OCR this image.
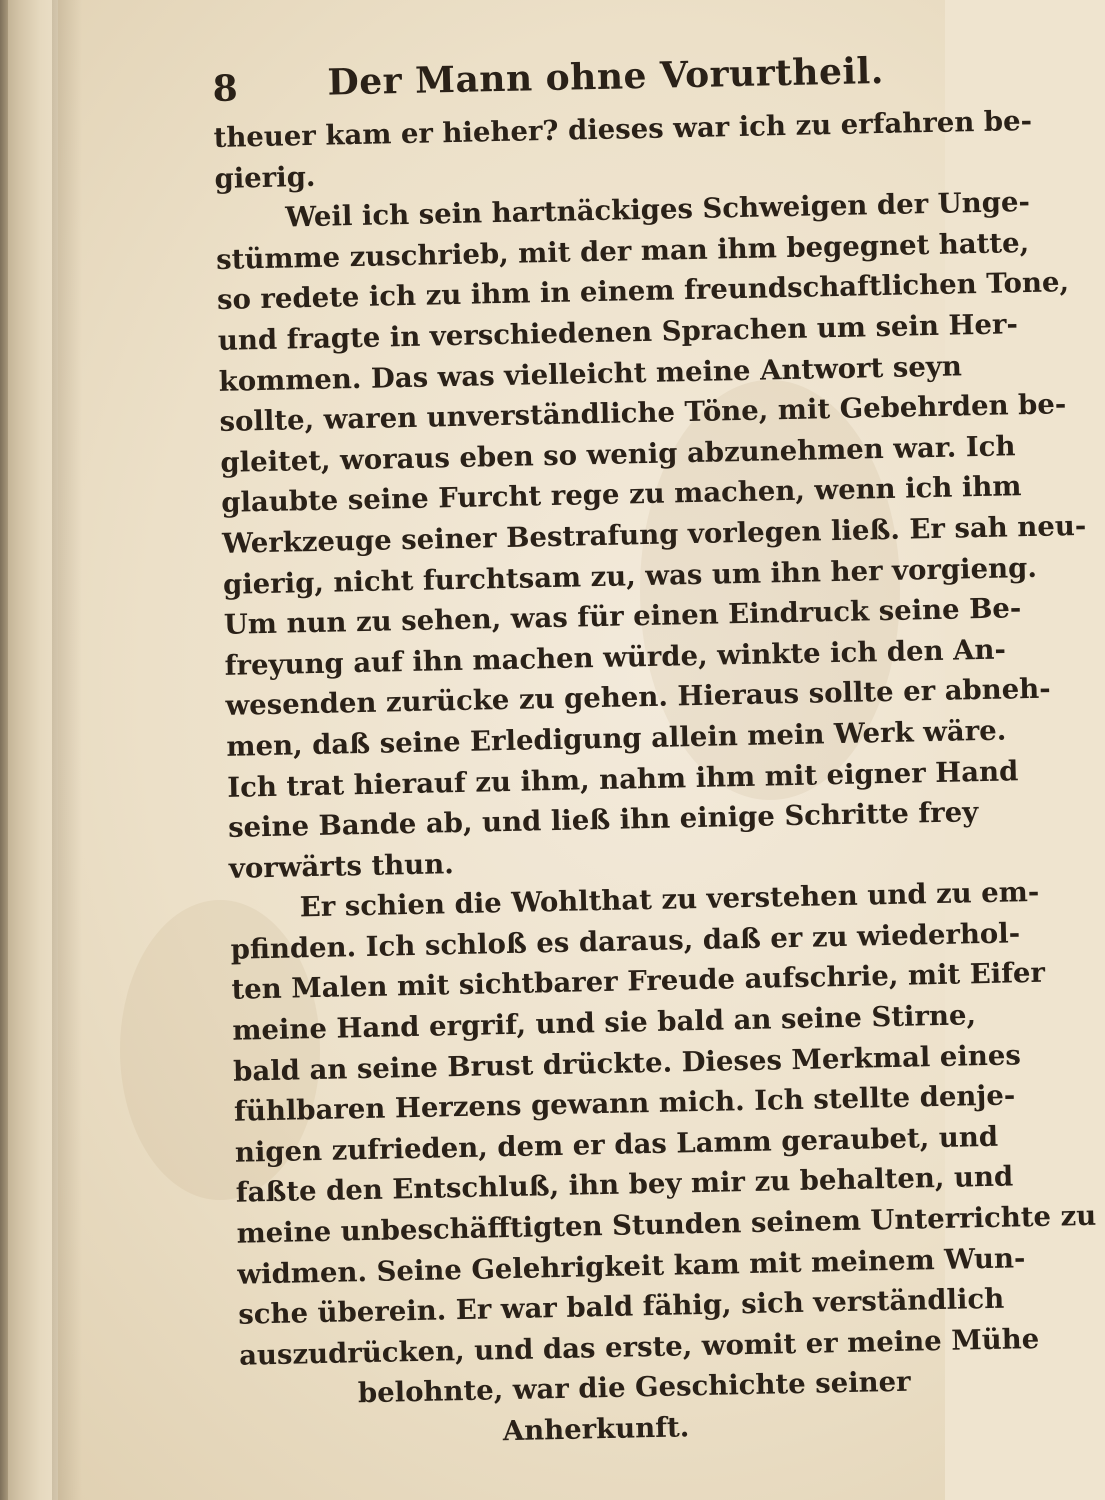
8 Der Mann ohne Vorurtheil.
theuer kam er hieher? dieses war ich zu erfahren be-
gierig.
Weil ich sein hartnäckiges Schweigen der Unge-
stümme zuschrieb, mit der man ihm begegnet hatte,
so redete ich zu ihm in einem freundschaftlichen Tone,
und fragte in verschiedenen Sprachen um sein Her-
kommen. Das was vielleicht meine Antwort seyn
sollte, waren unverständliche Töne, mit Gebehrden be-
gleitet, woraus eben so wenig abzunehmen war. Ich
glaubte seine Furcht rege zu machen, wenn ich ihm
Werkzeuge seiner Bestrafung vorlegen ließ. Er sah neu-
gierig, nicht furchtsam zu, was um ihn her vorgieng.
Um nun zu sehen, was für einen Eindruck seine Be-
freyung auf ihn machen würde, winkte ich den An-
wesenden zurücke zu gehen. Hieraus sollte er abneh-
men, daß seine Erledigung allein mein Werk wäre.
Ich trat hierauf zu ihm, nahm ihm mit eigner Hand
seine Bande ab, und ließ ihn einige Schritte frey
vorwärts thun.
Er schien die Wohlthat zu verstehen und zu em-
pfinden. Ich schloß es daraus, daß er zu wiederhol-
ten Malen mit sichtbarer Freude aufschrie, mit Eifer
meine Hand ergrif, und sie bald an seine Stirne,
bald an seine Brust drückte. Dieses Merkmal eines
fühlbaren Herzens gewann mich. Ich stellte denje-
nigen zufrieden, dem er das Lamm geraubet, und
faßte den Entschluß, ihn bey mir zu behalten, und
meine unbeschäfftigten Stunden seinem Unterrichte zu
widmen. Seine Gelehrigkeit kam mit meinem Wun-
sche überein. Er war bald fähig, sich verständlich
auszudrücken, und das erste, womit er meine Mühe
belohnte, war die Geschichte seiner
Anherkunft.
